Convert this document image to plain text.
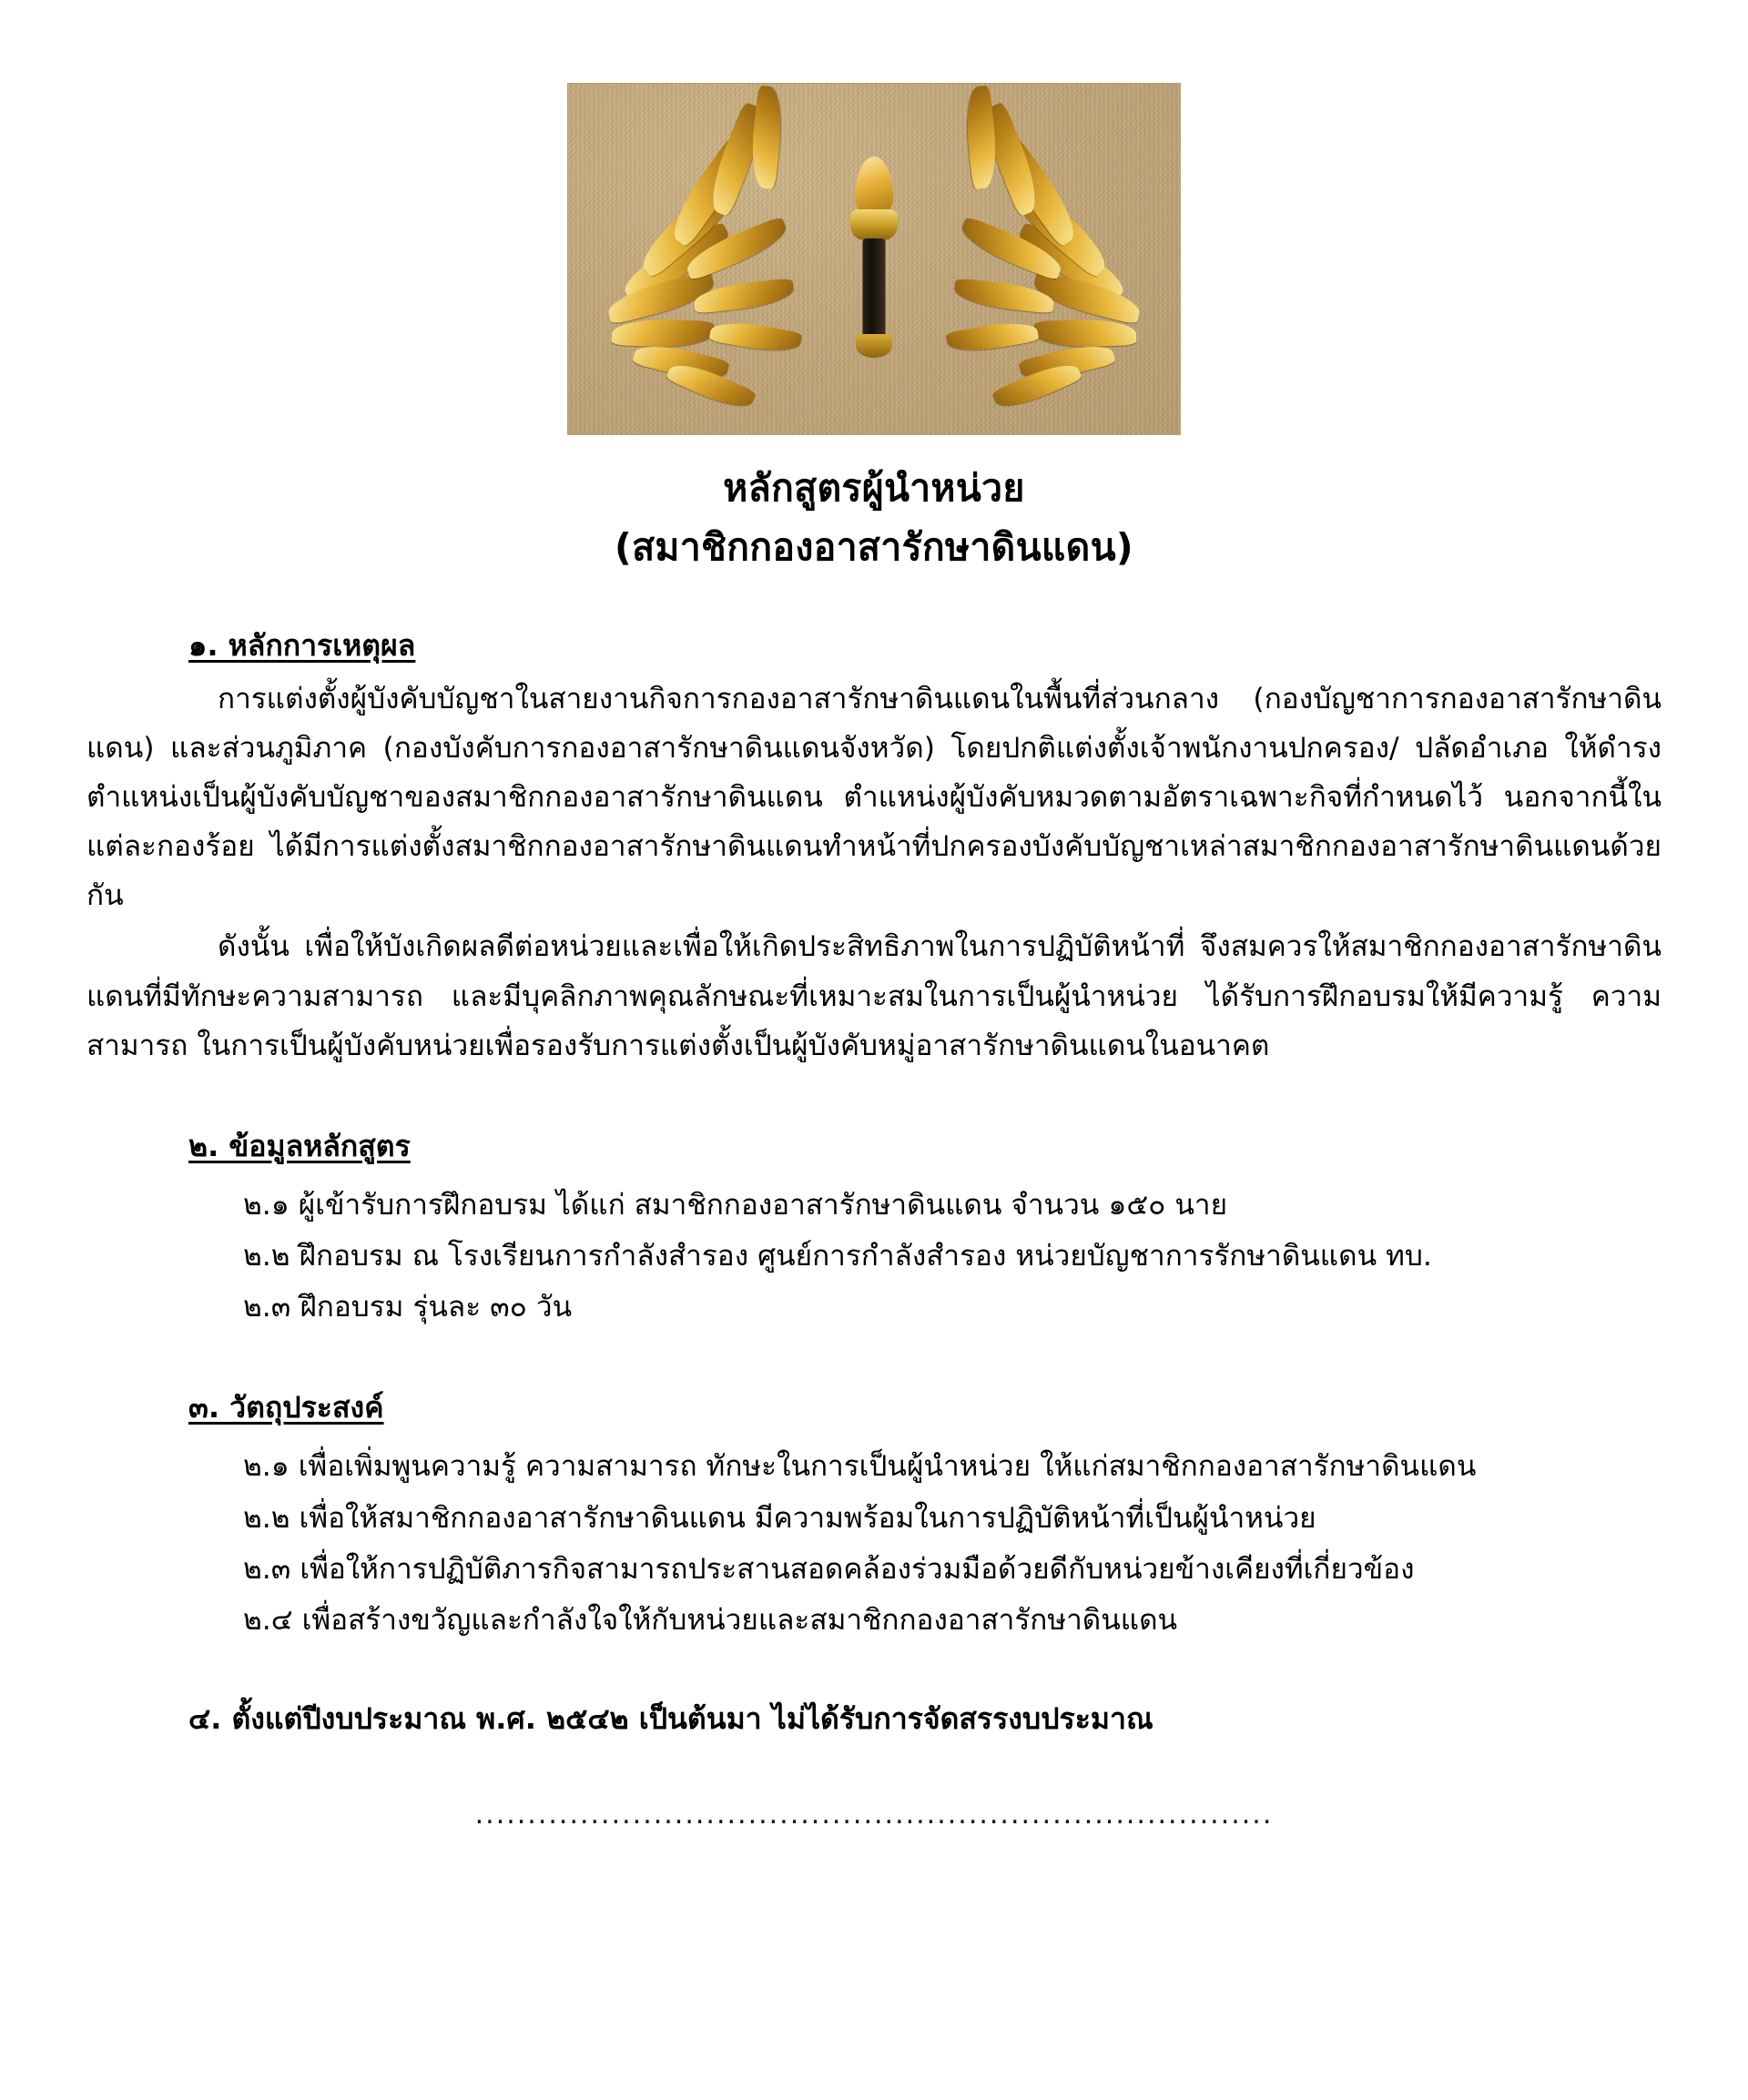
หลักสูตรผู้นำหน่วย
(สมาชิกกองอาสารักษาดินแดน)
๑. หลักการเหตุผล

การแต่งตั้งผู้บังคับบัญชาในสายงานกิจการกองอาสารักษาดินแดนในพื้นที่ส่วนกลาง (กองบัญชาการกองอาสารักษาดินแดน) และส่วนภูมิภาค (กองบังคับการกองอาสารักษาดินแดนจังหวัด) โดยปกติแต่งตั้งเจ้าพนักงานปกครอง/ ปลัดอำเภอ ให้ดำรงตำแหน่งเป็นผู้บังคับบัญชาของสมาชิกกองอาสารักษาดินแดน ตำแหน่งผู้บังคับหมวดตามอัตราเฉพาะกิจที่กำหนดไว้ นอกจากนี้ในแต่ละกองร้อย ได้มีการแต่งตั้งสมาชิกกองอาสารักษาดินแดนทำหน้าที่ปกครองบังคับบัญชาเหล่าสมาชิกกองอาสารักษาดินแดนด้วยกัน

ดังนั้น เพื่อให้บังเกิดผลดีต่อหน่วยและเพื่อให้เกิดประสิทธิภาพในการปฏิบัติหน้าที่ จึงสมควรให้สมาชิกกองอาสารักษาดินแดนที่มีทักษะความสามารถ และมีบุคลิกภาพคุณลักษณะที่เหมาะสมในการเป็นผู้นำหน่วย ได้รับการฝึกอบรมให้มีความรู้ ความสามารถ ในการเป็นผู้บังคับหน่วยเพื่อรองรับการแต่งตั้งเป็นผู้บังคับหมู่อาสารักษาดินแดนในอนาคต

๒. ข้อมูลหลักสูตร
๒.๑ ผู้เข้ารับการฝึกอบรม ได้แก่ สมาชิกกองอาสารักษาดินแดน จำนวน ๑๕๐ นาย
๒.๒ ฝึกอบรม ณ โรงเรียนการกำลังสำรอง ศูนย์การกำลังสำรอง หน่วยบัญชาการรักษาดินแดน ทบ.
๒.๓ ฝึกอบรม รุ่นละ ๓๐ วัน
๓. วัตถุประสงค์
๒.๑ เพื่อเพิ่มพูนความรู้ ความสามารถ ทักษะในการเป็นผู้นำหน่วย ให้แก่สมาชิกกองอาสารักษาดินแดน
๒.๒ เพื่อให้สมาชิกกองอาสารักษาดินแดน มีความพร้อมในการปฏิบัติหน้าที่เป็นผู้นำหน่วย
๒.๓ เพื่อให้การปฏิบัติภารกิจสามารถประสานสอดคล้องร่วมมือด้วยดีกับหน่วยข้างเคียงที่เกี่ยวข้อง
๒.๔ เพื่อสร้างขวัญและกำลังใจให้กับหน่วยและสมาชิกกองอาสารักษาดินแดน
๔. ตั้งแต่ปีงบประมาณ พ.ศ. ๒๕๔๒ เป็นต้นมา ไม่ได้รับการจัดสรรงบประมาณ
............................................................................
